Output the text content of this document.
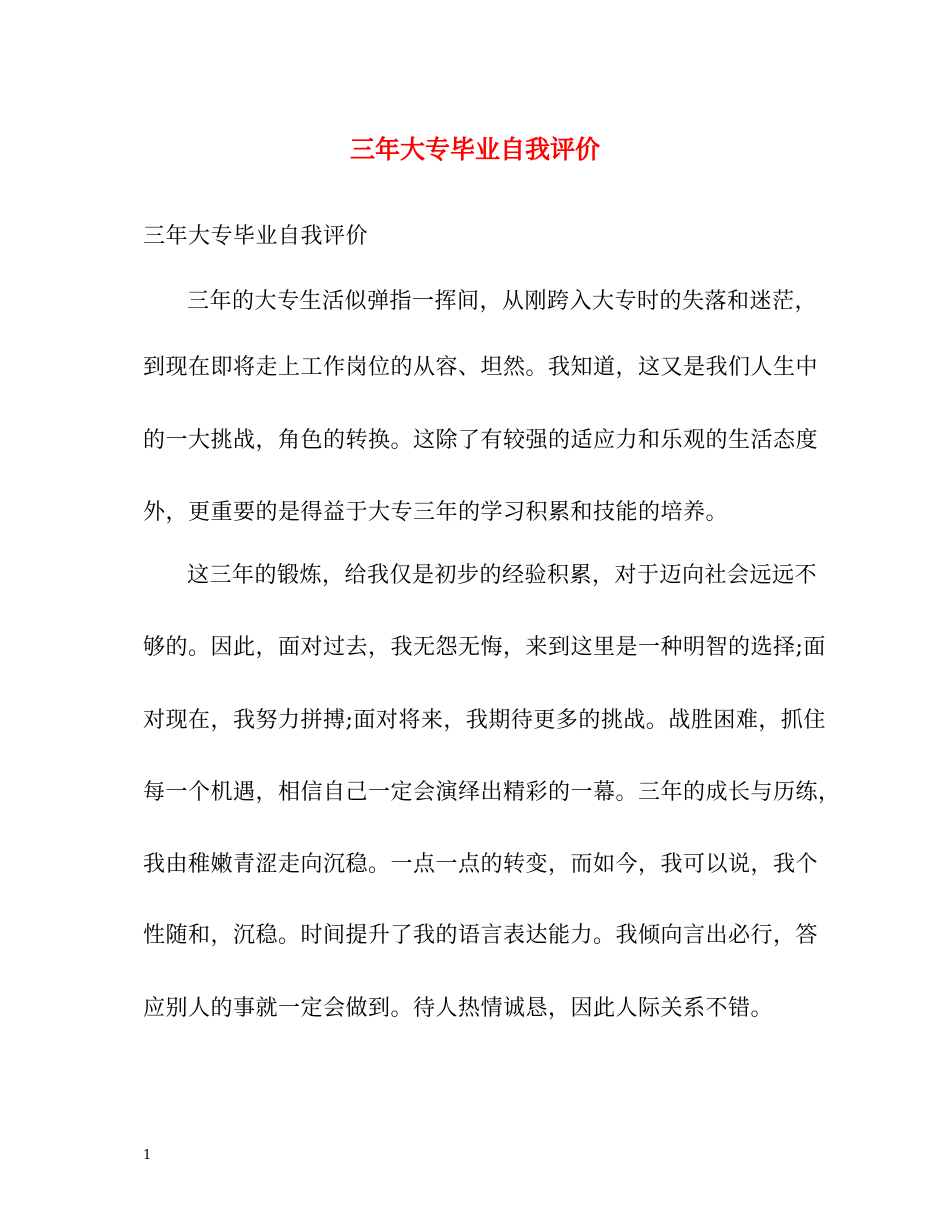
三年大专毕业自我评价
三年大专毕业自我评价
三年的大专生活似弹指一挥间，从刚跨入大专时的失落和迷茫，
到现在即将走上工作岗位的从容、坦然。我知道，这又是我们人生中
的一大挑战，角色的转换。这除了有较强的适应力和乐观的生活态度
外，更重要的是得益于大专三年的学习积累和技能的培养。
这三年的锻炼，给我仅是初步的经验积累，对于迈向社会远远不
够的。因此，面对过去，我无怨无悔，来到这里是一种明智的选择;面
对现在，我努力拼搏;面对将来，我期待更多的挑战。战胜困难，抓住
每一个机遇，相信自己一定会演绎出精彩的一幕。三年的成长与历练，
我由稚嫩青涩走向沉稳。一点一点的转变，而如今，我可以说，我个
性随和，沉稳。时间提升了我的语言表达能力。我倾向言出必行，答
应别人的事就一定会做到。待人热情诚恳，因此人际关系不错。
1
